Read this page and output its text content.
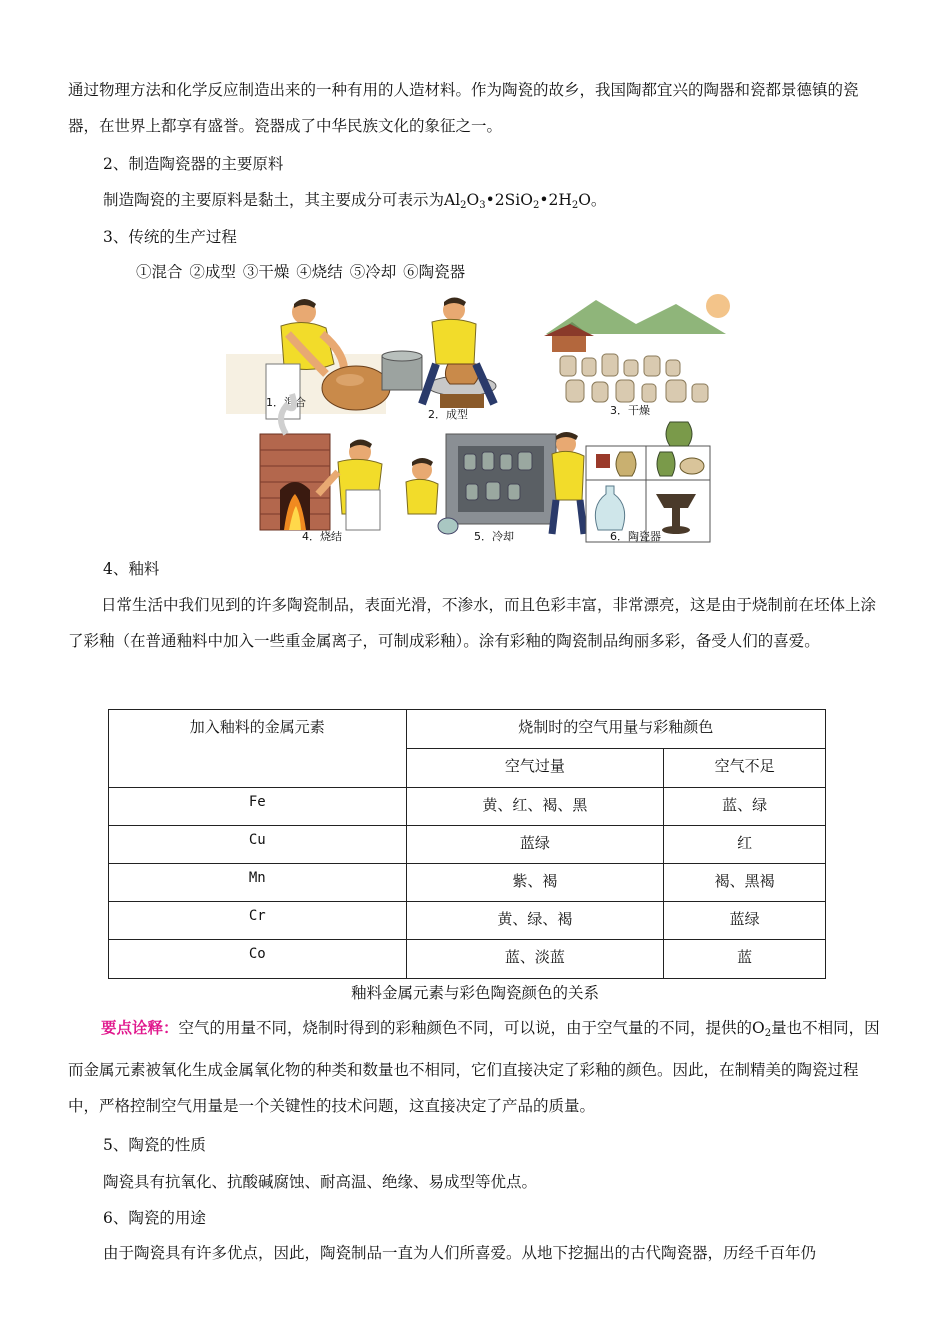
通过物理方法和化学反应制造出来的一种有用的人造材料。作为陶瓷的故乡，我国陶都宜兴的陶器和瓷都景德镇的瓷器，在世界上都享有盛誉。瓷器成了中华民族文化的象征之一。

2、制造陶瓷器的主要原料

制造陶瓷的主要原料是黏土，其主要成分可表示为$Al_2O_3•2SiO_2•2H_2O$。

3、传统的生产过程

①混合 ②成型 ③干燥 ④烧结 ⑤冷却 ⑥陶瓷器

1．混合
2．成型	3．干燥
4．烧结	5．冷却	6．陶瓷器

4、釉料

日常生活中我们见到的许多陶瓷制品，表面光滑，不渗水，而且色彩丰富，非常漂亮，这是由于烧制前在坯体上涂了彩釉（在普通釉料中加入一些重金属离子，可制成彩釉）。涂有彩釉的陶瓷制品绚丽多彩，备受人们的喜爱。

加入釉料的金属元素	烧制时的空气用量与彩釉颜色	
	空气过量	空气不足
Fe	黄、红、褐、黑	蓝、绿
Cu	蓝绿	红
Mn	紫、褐	褐、黑褐
Cr	黄、绿、褐	蓝绿
Co	蓝、淡蓝	蓝

釉料金属元素与彩色陶瓷颜色的关系

要点诠释：空气的用量不同，烧制时得到的彩釉颜色不同，可以说，由于空气量的不同，提供的$O_2$量也不相同，因而金属元素被氧化生成金属氧化物的种类和数量也不相同，它们直接决定了彩釉的颜色。因此，在制精美的陶瓷过程中，严格控制空气用量是一个关键性的技术问题，这直接决定了产品的质量。

5、陶瓷的性质

陶瓷具有抗氧化、抗酸碱腐蚀、耐高温、绝缘、易成型等优点。

6、陶瓷的用途

由于陶瓷具有许多优点，因此，陶瓷制品一直为人们所喜爱。从地下挖掘出的古代陶瓷器，历经千百年仍
